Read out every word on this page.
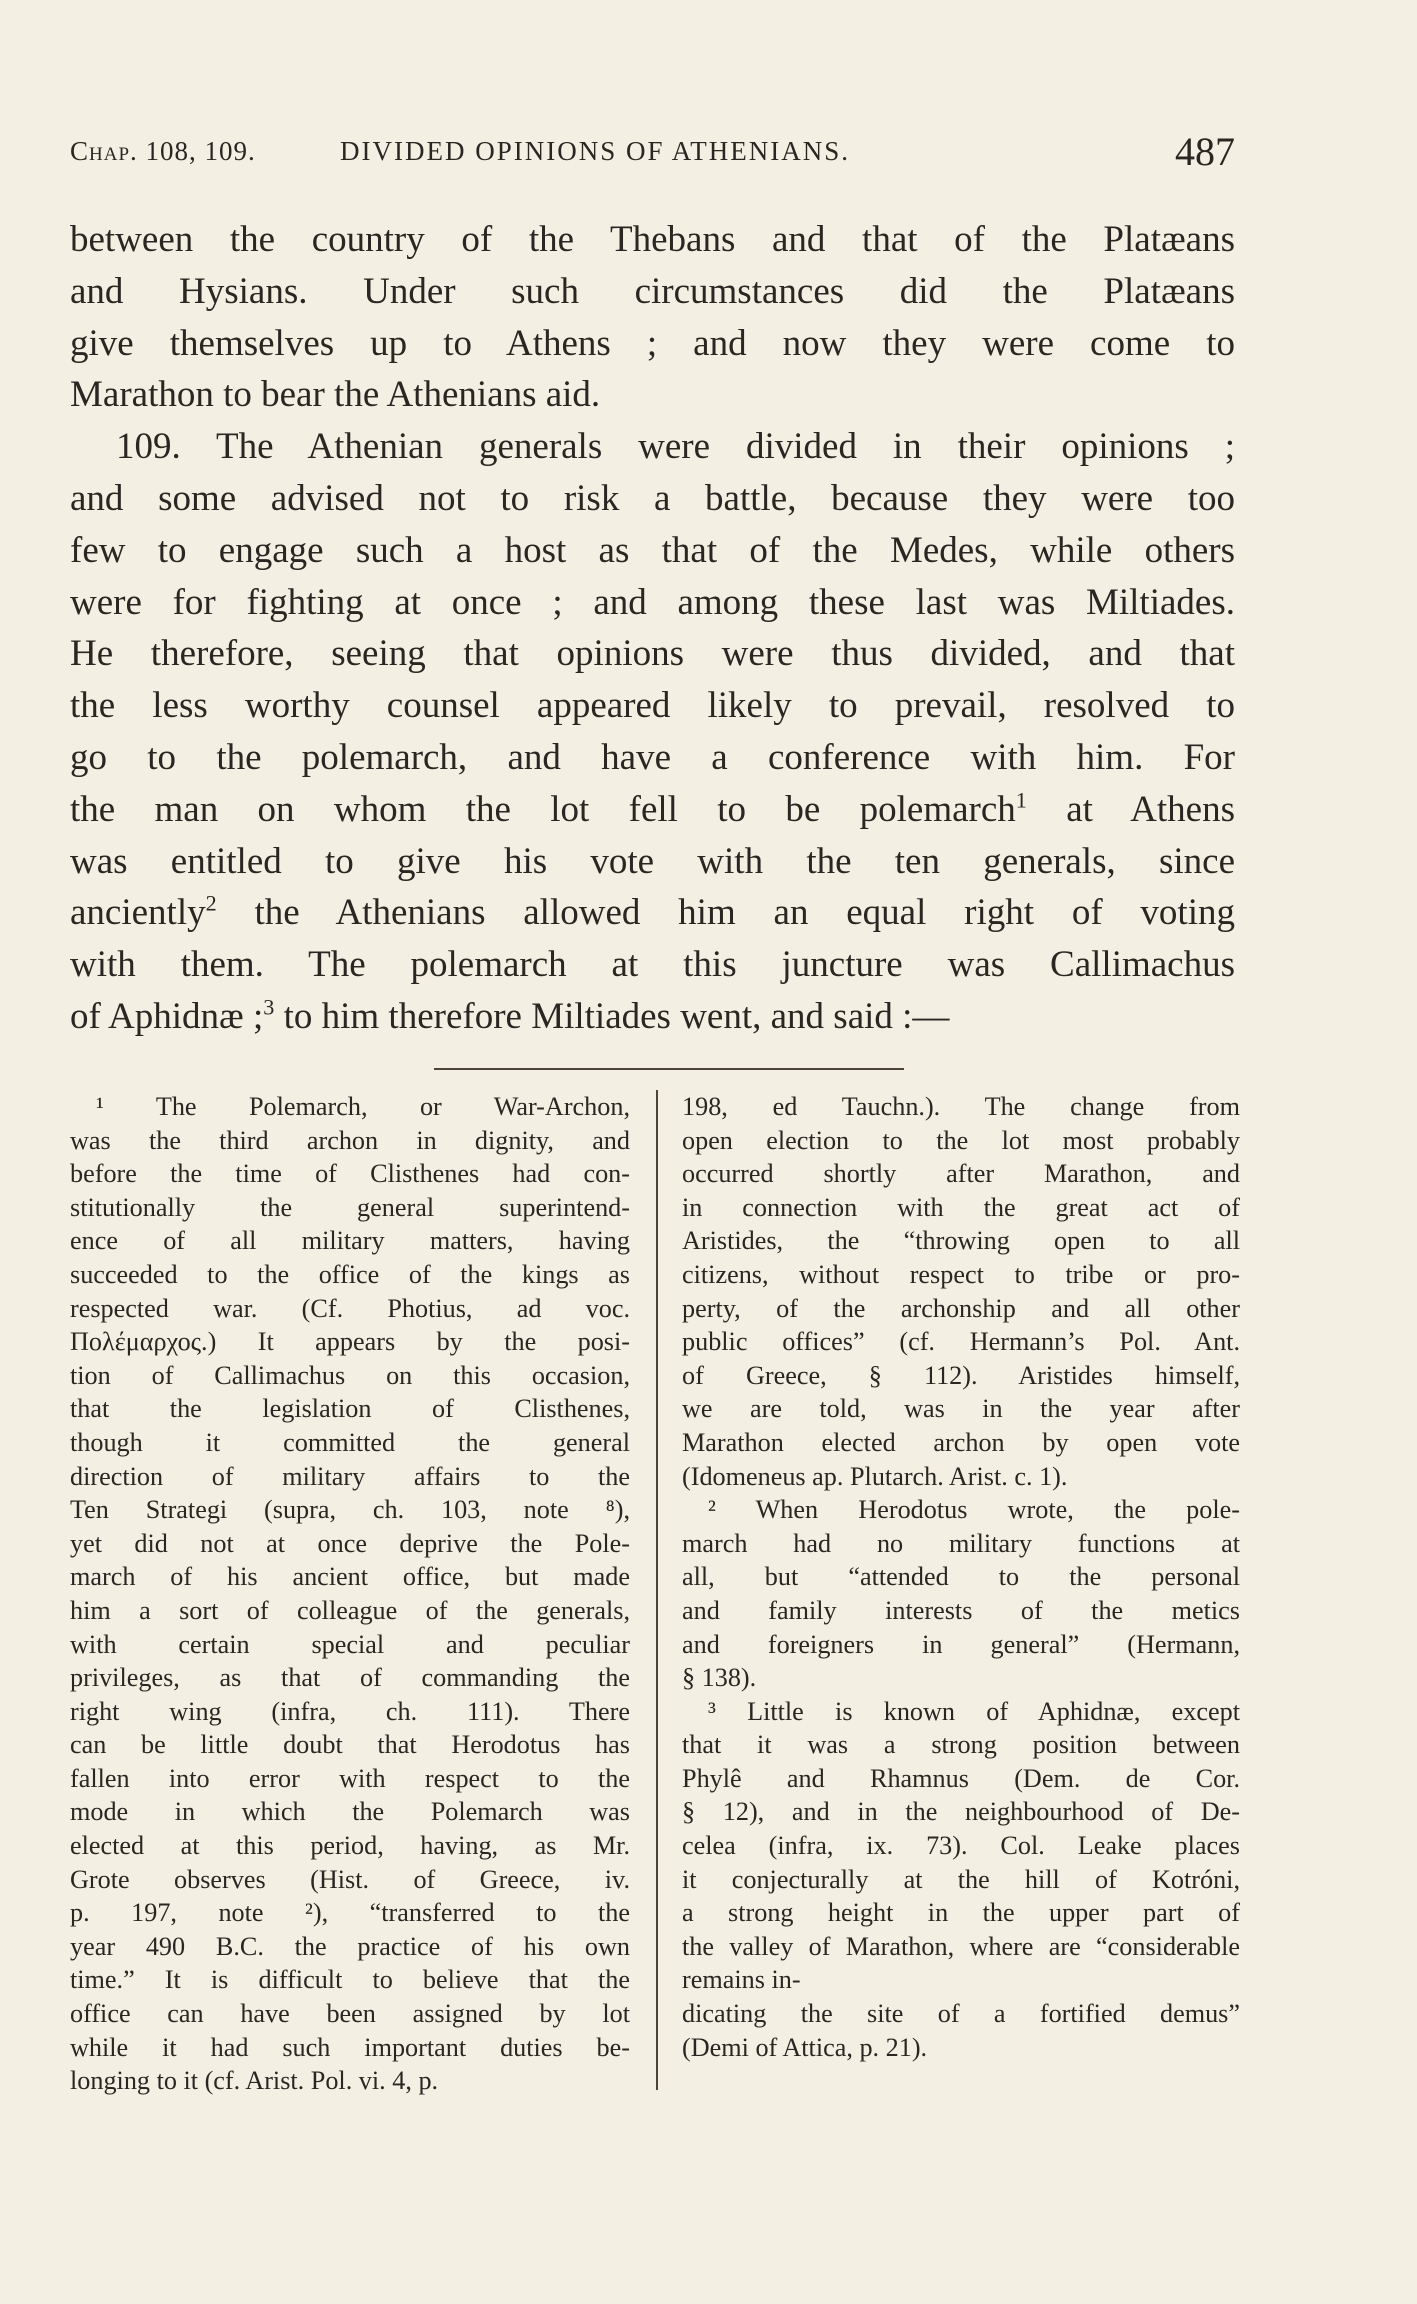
Chap. 108, 109.	DIVIDED OPINIONS OF ATHENIANS.	487

between the country of the Thebans and that of the Platæans
and Hysians. Under such circumstances did the Platæans
give themselves up to Athens ; and now they were come to
Marathon to bear the Athenians aid.

109. The Athenian generals were divided in their opinions ;
and some advised not to risk a battle, because they were too
few to engage such a host as that of the Medes, while others
were for fighting at once ; and among these last was Miltiades.
He therefore, seeing that opinions were thus divided, and that
the less worthy counsel appeared likely to prevail, resolved to
go to the polemarch, and have a conference with him. For
the man on whom the lot fell to be polemarch$^1$ at Athens
was entitled to give his vote with the ten generals, since
anciently$^2$ the Athenians allowed him an equal right of voting
with them. The polemarch at this juncture was Callimachus
of Aphidnæ ;$^3$ to him therefore Miltiades went, and said :—

¹ The Polemarch, or War-Archon,
was the third archon in dignity, and
before the time of Clisthenes had con-
stitutionally the general superintend-
ence of all military matters, having
succeeded to the office of the kings as
respected war. (Cf. Photius, ad voc.
Πολέμαρχος.) It appears by the posi-
tion of Callimachus on this occasion,
that the legislation of Clisthenes,
though it committed the general
direction of military affairs to the
Ten Strategi (supra, ch. 103, note ⁸),
yet did not at once deprive the Pole-
march of his ancient office, but made
him a sort of colleague of the generals,
with certain special and peculiar
privileges, as that of commanding the
right wing (infra, ch. 111). There
can be little doubt that Herodotus has
fallen into error with respect to the
mode in which the Polemarch was
elected at this period, having, as Mr.
Grote observes (Hist. of Greece, iv.
p. 197, note ²), “transferred to the
year 490 B.C. the practice of his own
time.” It is difficult to believe that the
office can have been assigned by lot
while it had such important duties be-
longing to it (cf. Arist. Pol. vi. 4, p.
198, ed Tauchn.). The change from
open election to the lot most probably
occurred shortly after Marathon, and
in connection with the great act of
Aristides, the “throwing open to all
citizens, without respect to tribe or pro-
perty, of the archonship and all other
public offices” (cf. Hermann’s Pol. Ant.
of Greece, § 112). Aristides himself,
we are told, was in the year after
Marathon elected archon by open vote
(Idomeneus ap. Plutarch. Arist. c. 1).
² When Herodotus wrote, the pole-
march had no military functions at
all, but “attended to the personal
and family interests of the metics
and foreigners in general” (Hermann,
§ 138).
³ Little is known of Aphidnæ, except
that it was a strong position between
Phylê and Rhamnus (Dem. de Cor.
§ 12), and in the neighbourhood of De-
celea (infra, ix. 73). Col. Leake places
it conjecturally at the hill of Kotróni,
a strong height in the upper part of
the valley of Marathon, where are “considerable remains in-
dicating the site of a fortified demus”
(Demi of Attica, p. 21).
